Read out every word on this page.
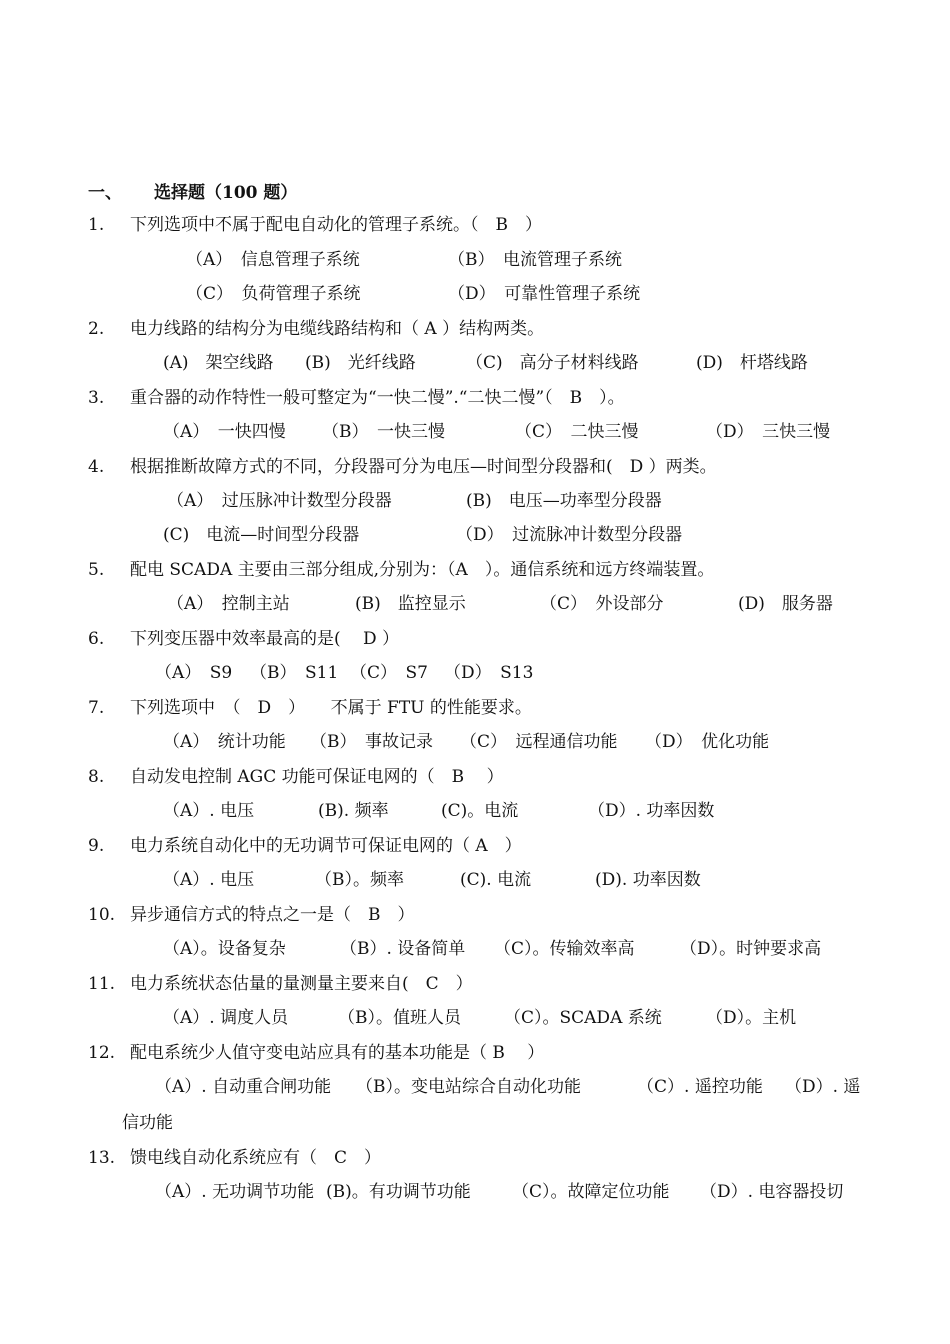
一、 选择题（100 题）
1. 下列选项中不属于配电自动化的管理子系统。（　B　）
（A）　信息管理子系统	（B）　电流管理子系统
（C）　负荷管理子系统	（D）　可靠性管理子系统
2. 电力线路的结构分为电缆线路结构和（ A ）结构两类。
(A)　架空线路 (B)　光纤线路	（C)　高分子材料线路	(D)　杆塔线路
3. 重合器的动作特性一般可整定为“一快二慢”.“二快二慢”（　B　）。
（A）　一快四慢 （B）　一快三慢	（C）　二快三慢	（D）　三快三慢
4. 根据推断故障方式的不同，分段器可分为电压—时间型分段器和(　D ）两类。
（A）　过压脉冲计数型分段器	(B)　电压—功率型分段器
(C)　电流—时间型分段器	（D）　过流脉冲计数型分段器
5. 配电 SCADA 主要由三部分组成,分别为：（A　）。通信系统和远方终端装置。
（A）　控制主站	(B)　监控显示	（C）　外设部分	(D)　服务器
6. 下列变压器中效率最高的是(　 D ）
（A）　S9 （B）　S11 （C）　S7 （D）　S13
7. 下列选项中　（　D　）　　不属于 FTU 的性能要求。
（A）　统计功能 （B）　事故记录 （C）　远程通信功能 （D）　优化功能
8. 自动发电控制 AGC 功能可保证电网的（　B　 ）
（A）. 电压	(B). 频率	(C)。电流	（D）. 功率因数
9. 电力系统自动化中的无功调节可保证电网的（ A　）
（A）. 电压	（B）。频率	(C). 电流	(D). 功率因数
10. 异步通信方式的特点之一是（　B　）
（A）。设备复杂	（B）. 设备简单 （C）。传输效率高	（D）。时钟要求高
11. 电力系统状态估量的量测量主要来自(　C　）
（A）. 调度人员	（B）。值班人员	（C）。SCADA 系统	（D）。主机
12. 配电系统少人值守变电站应具有的基本功能是（ B　 ）
（A）. 自动重合闸功能 （B）。变电站综合自动化功能	（C）. 遥控功能 （D）. 遥
信功能
13. 馈电线自动化系统应有（　C　）
（A）. 无功调节功能 (B)。有功调节功能 （C）。故障定位功能 （D）. 电容器投切
